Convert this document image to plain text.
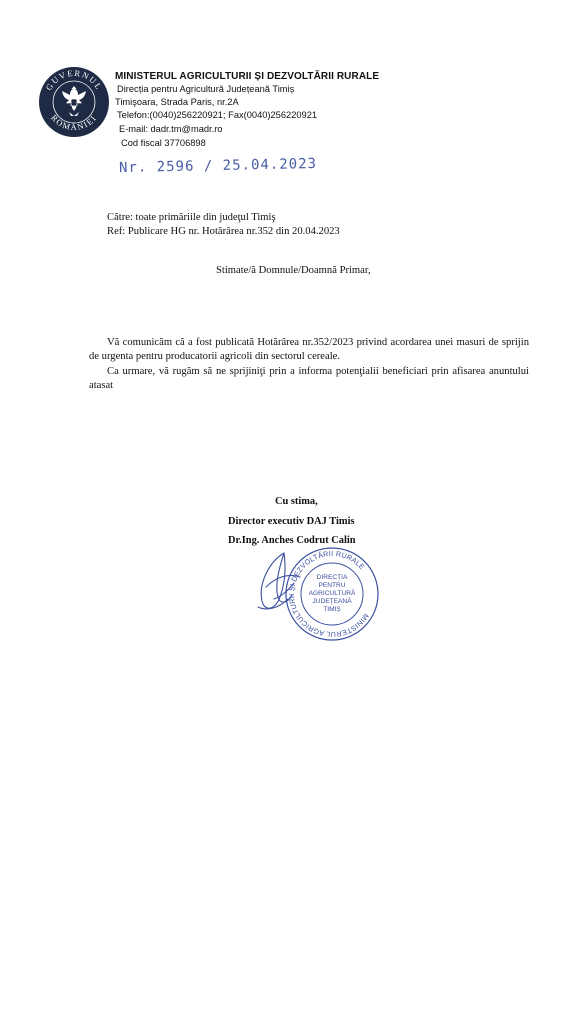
GUVERNUL
ROMÂNIEI
MINISTERUL AGRICULTURII ȘI DEZVOLTĂRII RURALE
Direcția pentru Agricultură Județeană Timiș
Timişoara, Strada Paris, nr.2A
Telefon:(0040)256220921; Fax(0040)256220921
E-mail: dadr.tm@madr.ro
Cod fiscal 37706898
Nr. 2596 / 25.04.2023
Către: toate primăriile din judeţul Timiş
Ref: Publicare HG nr. Hotărârea nr.352 din 20.04.2023
Stimate/ă Domnule/Doamnă Primar,
Vă comunicăm că a fost publicată Hotărârea nr.352/2023 privind acordarea unei masuri de sprijin de urgenta pentru producatorii agricoli din sectorul cereale.
Ca urmare, vă rugăm să ne sprijiniţi prin a informa potenţialii beneficiari prin afisarea anuntului atasat
Cu stima,
Director executiv DAJ Timis
Dr.Ing. Anches Codrut Calin
MINISTERUL AGRICULTURII ȘI DEZVOLTĂRII RURALE
DIRECȚIA
PENTRU
AGRICULTURĂ
JUDEȚEANĂ
TIMIȘ
